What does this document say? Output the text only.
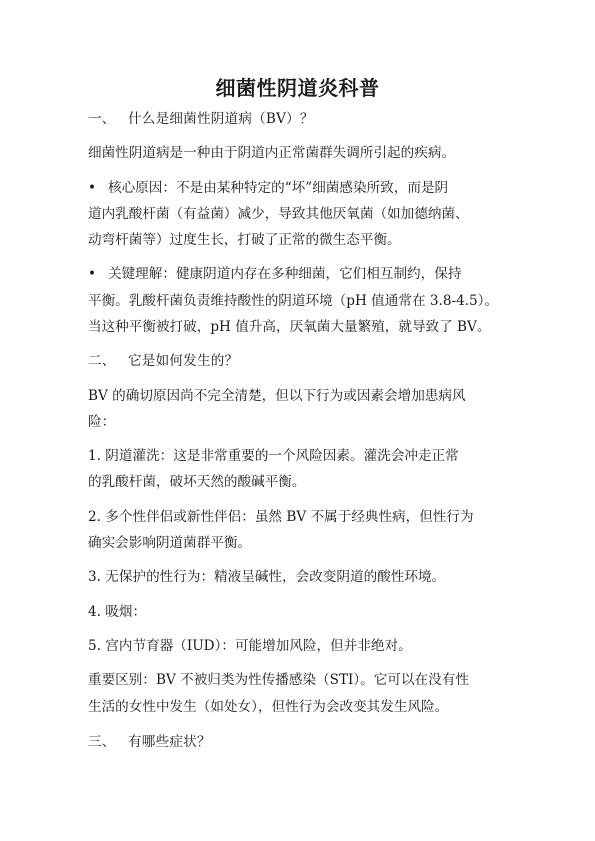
细菌性阴道炎科普
一、 什么是细菌性阴道病（BV）？
细菌性阴道病是一种由于阴道内正常菌群失调所引起的疾病。
• 核心原因：不是由某种特定的“坏”细菌感染所致，而是阴
道内乳酸杆菌（有益菌）减少，导致其他厌氧菌（如加德纳菌、
动弯杆菌等）过度生长，打破了正常的微生态平衡。
• 关键理解：健康阴道内存在多种细菌，它们相互制约，保持
平衡。乳酸杆菌负责维持酸性的阴道环境（pH 值通常在 3.8-4.5）。
当这种平衡被打破，pH 值升高，厌氧菌大量繁殖，就导致了 BV。
二、 它是如何发生的？
BV 的确切原因尚不完全清楚，但以下行为或因素会增加患病风
险：
1. 阴道灌洗：这是非常重要的一个风险因素。灌洗会冲走正常
的乳酸杆菌，破坏天然的酸碱平衡。
2. 多个性伴侣或新性伴侣：虽然 BV 不属于经典性病，但性行为
确实会影响阴道菌群平衡。
3. 无保护的性行为：精液呈碱性，会改变阴道的酸性环境。
4. 吸烟：
5. 宫内节育器（IUD）：可能增加风险，但并非绝对。
重要区别：BV 不被归类为性传播感染（STI）。它可以在没有性
生活的女性中发生（如处女），但性行为会改变其发生风险。
三、 有哪些症状？
